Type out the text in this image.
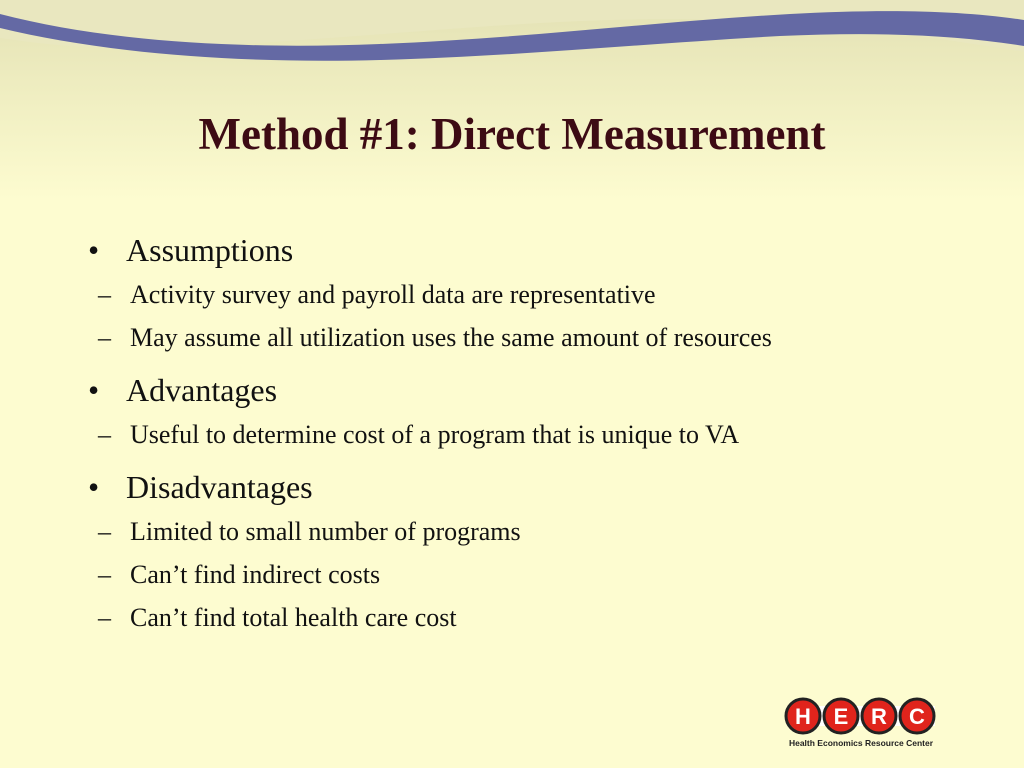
Method #1: Direct Measurement
• Assumptions
– Activity survey and payroll data are representative
– May assume all utilization uses the same amount of resources
• Advantages
– Useful to determine cost of a program that is unique to VA
• Disadvantages
– Limited to small number of programs
– Can’t find indirect costs
– Can’t find total health care cost
H E R C
Health Economics Resource Center
